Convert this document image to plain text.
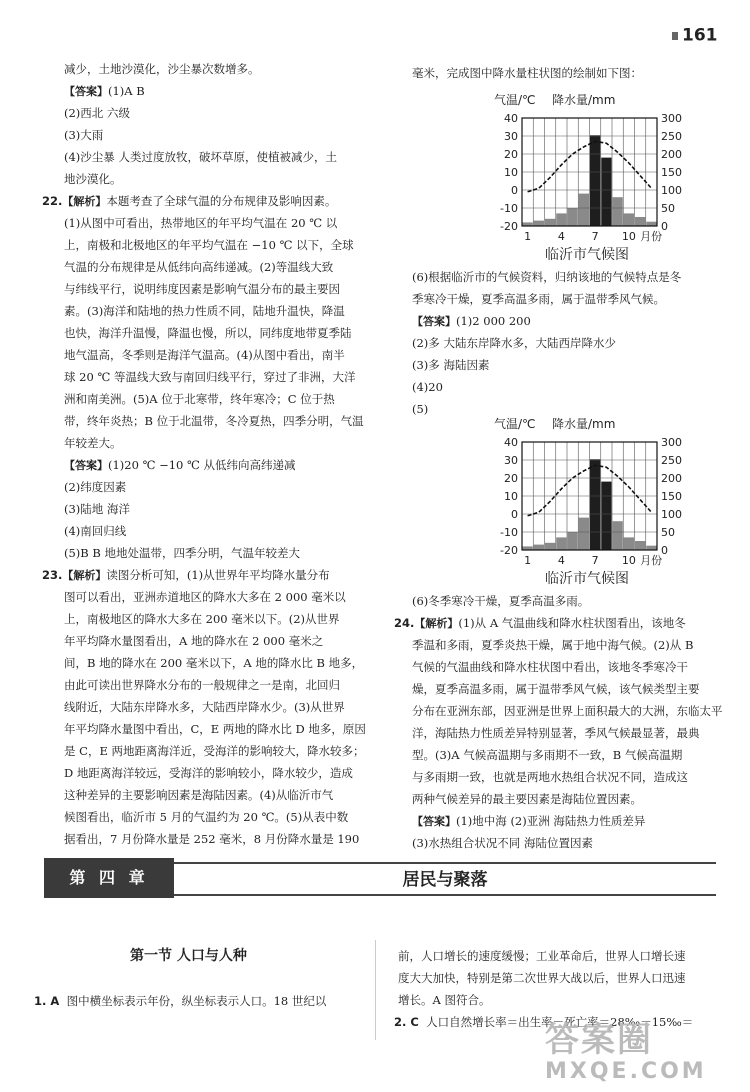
161
减少，土地沙漠化，沙尘暴次数增多。
【答案】(1)A B
(2)西北 六级
(3)大雨
(4)沙尘暴 人类过度放牧，破坏草原，使植被减少，土
地沙漠化。
22.【解析】本题考查了全球气温的分布规律及影响因素。
(1)从图中可看出，热带地区的年平均气温在 20 ℃ 以
上，南极和北极地区的年平均气温在 −10 ℃ 以下，全球
气温的分布规律是从低纬向高纬递减。(2)等温线大致
与纬线平行，说明纬度因素是影响气温分布的最主要因
素。(3)海洋和陆地的热力性质不同，陆地升温快，降温
也快，海洋升温慢，降温也慢，所以，同纬度地带夏季陆
地气温高，冬季则是海洋气温高。(4)从图中看出，南半
球 20 ℃ 等温线大致与南回归线平行，穿过了非洲，大洋
洲和南美洲。(5)A 位于北寒带，终年寒冷；C 位于热
带，终年炎热；B 位于北温带，冬冷夏热，四季分明，气温
年较差大。
【答案】(1)20 ℃ −10 ℃ 从低纬向高纬递减
(2)纬度因素
(3)陆地 海洋
(4)南回归线
(5)B B 地地处温带，四季分明，气温年较差大
23.【解析】读图分析可知，(1)从世界年平均降水量分布
图可以看出，亚洲赤道地区的降水大多在 2 000 毫米以
上，南极地区的降水大多在 200 毫米以下。(2)从世界
年平均降水量图看出，A 地的降水在 2 000 毫米之
间，B 地的降水在 200 毫米以下，A 地的降水比 B 地多，
由此可读出世界降水分布的一般规律之一是南，北回归
线附近，大陆东岸降水多，大陆西岸降水少。(3)从世界
年平均降水量图中看出，C，E 两地的降水比 D 地多，原因
是 C，E 两地距离海洋近，受海洋的影响较大，降水较多；
D 地距离海洋较远，受海洋的影响较小，降水较少，造成
这种差异的主要影响因素是海陆因素。(4)从临沂市气
候图看出，临沂市 5 月的气温约为 20 ℃。(5)从表中数
据看出，7 月份降水量是 252 毫米，8 月份降水量是 190
毫米，完成图中降水量柱状图的绘制如下图：
气温/℃ 降水量/mm
40
30
20
10
0
-10
-20
300
250
200
150
100
50
0
1 4 7 10 月份
临沂市气候图
(6)根据临沂市的气候资料，归纳该地的气候特点是冬
季寒冷干燥，夏季高温多雨，属于温带季风气候。
【答案】(1)2 000 200
(2)多 大陆东岸降水多，大陆西岸降水少
(3)多 海陆因素
(4)20
(5)
气温/℃ 降水量/mm
40
30
20
10
0
-10
-20
300
250
200
150
100
50
0
1 4 7 10 月份
临沂市气候图
(6)冬季寒冷干燥，夏季高温多雨。
24.【解析】(1)从 A 气温曲线和降水柱状图看出，该地冬
季温和多雨，夏季炎热干燥，属于地中海气候。(2)从 B
气候的气温曲线和降水柱状图中看出，该地冬季寒冷干
燥，夏季高温多雨，属于温带季风气候，该气候类型主要
分布在亚洲东部，因亚洲是世界上面积最大的大洲，东临太平
洋，海陆热力性质差异特别显著，季风气候最显著，最典
型。(3)A 气候高温期与多雨期不一致，B 气候高温期
与多雨期一致，也就是两地水热组合状况不同，造成这
两种气候差异的最主要因素是海陆位置因素。
【答案】(1)地中海 (2)亚洲 海陆热力性质差异
(3)水热组合状况不同 海陆位置因素
第 四 章	居民与聚落
第一节 人口与人种
1. A 图中横坐标表示年份，纵坐标表示人口。18 世纪以
前，人口增长的速度缓慢；工业革命后，世界人口增长速
度大大加快，特别是第二次世界大战以后，世界人口迅速
增长。A 图符合。
2. C 人口自然增长率＝出生率－死亡率＝28‰－15‰＝
答案圈
MXQE.COM
